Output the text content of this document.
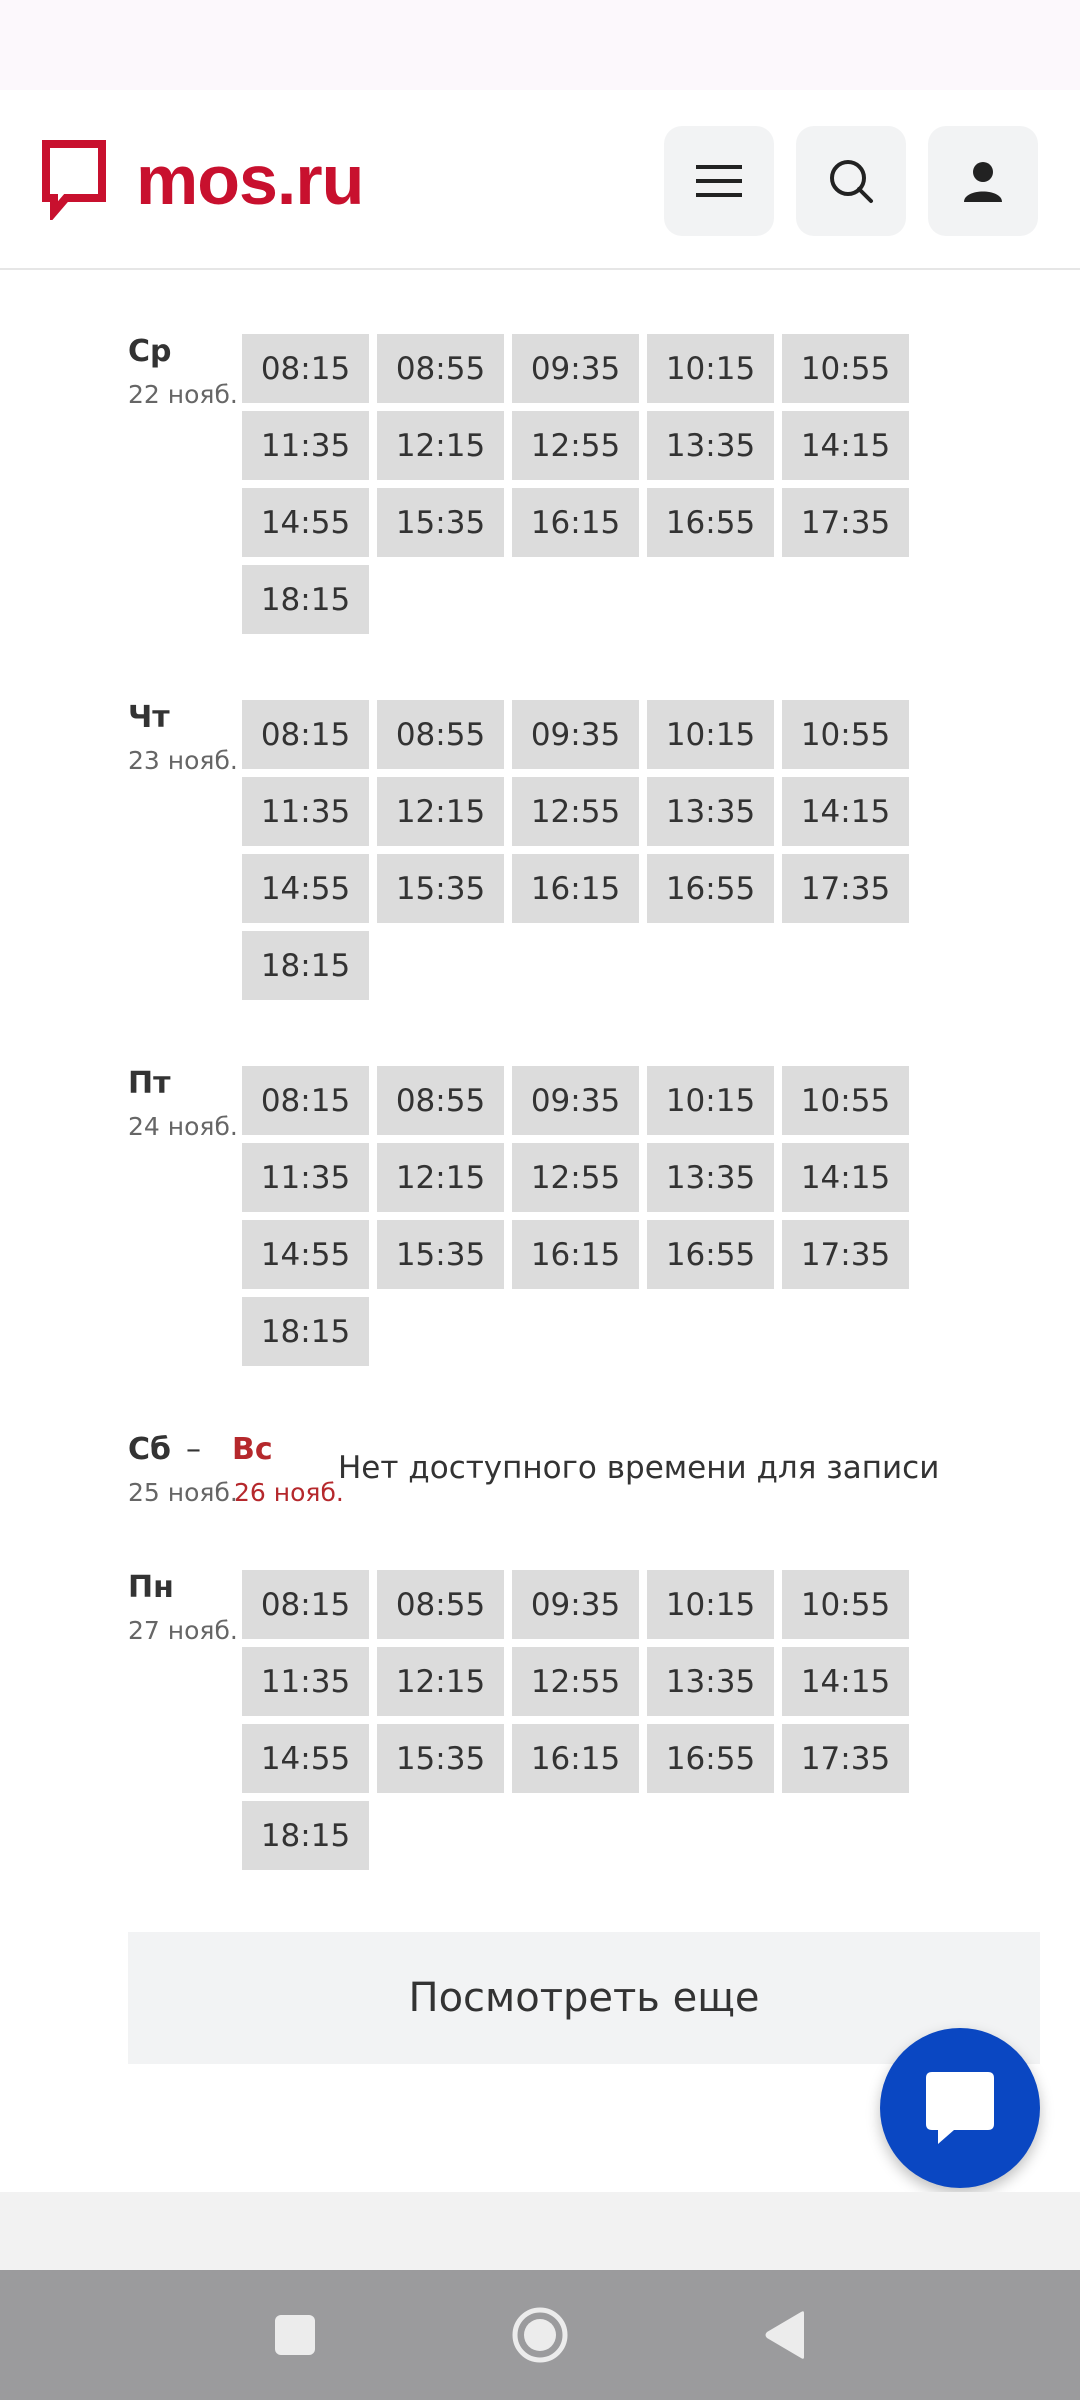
mos.ru
Ср
22 нояб.
08:15	08:55	09:35	10:15	10:55
11:35	12:15	12:55	13:35	14:15
14:55	15:35	16:15	16:55	17:35
18:15
Чт
23 нояб.
08:15	08:55	09:35	10:15	10:55
11:35	12:15	12:55	13:35	14:15
14:55	15:35	16:15	16:55	17:35
18:15
Пт
24 нояб.
08:15	08:55	09:35	10:15	10:55
11:35	12:15	12:55	13:35	14:15
14:55	15:35	16:15	16:55	17:35
18:15
Сб – Вс
25 нояб.
26 нояб.
Нет доступного времени для записи
Пн
27 нояб.
08:15	08:55	09:35	10:15	10:55
11:35	12:15	12:55	13:35	14:15
14:55	15:35	16:15	16:55	17:35
18:15
Посмотреть еще
